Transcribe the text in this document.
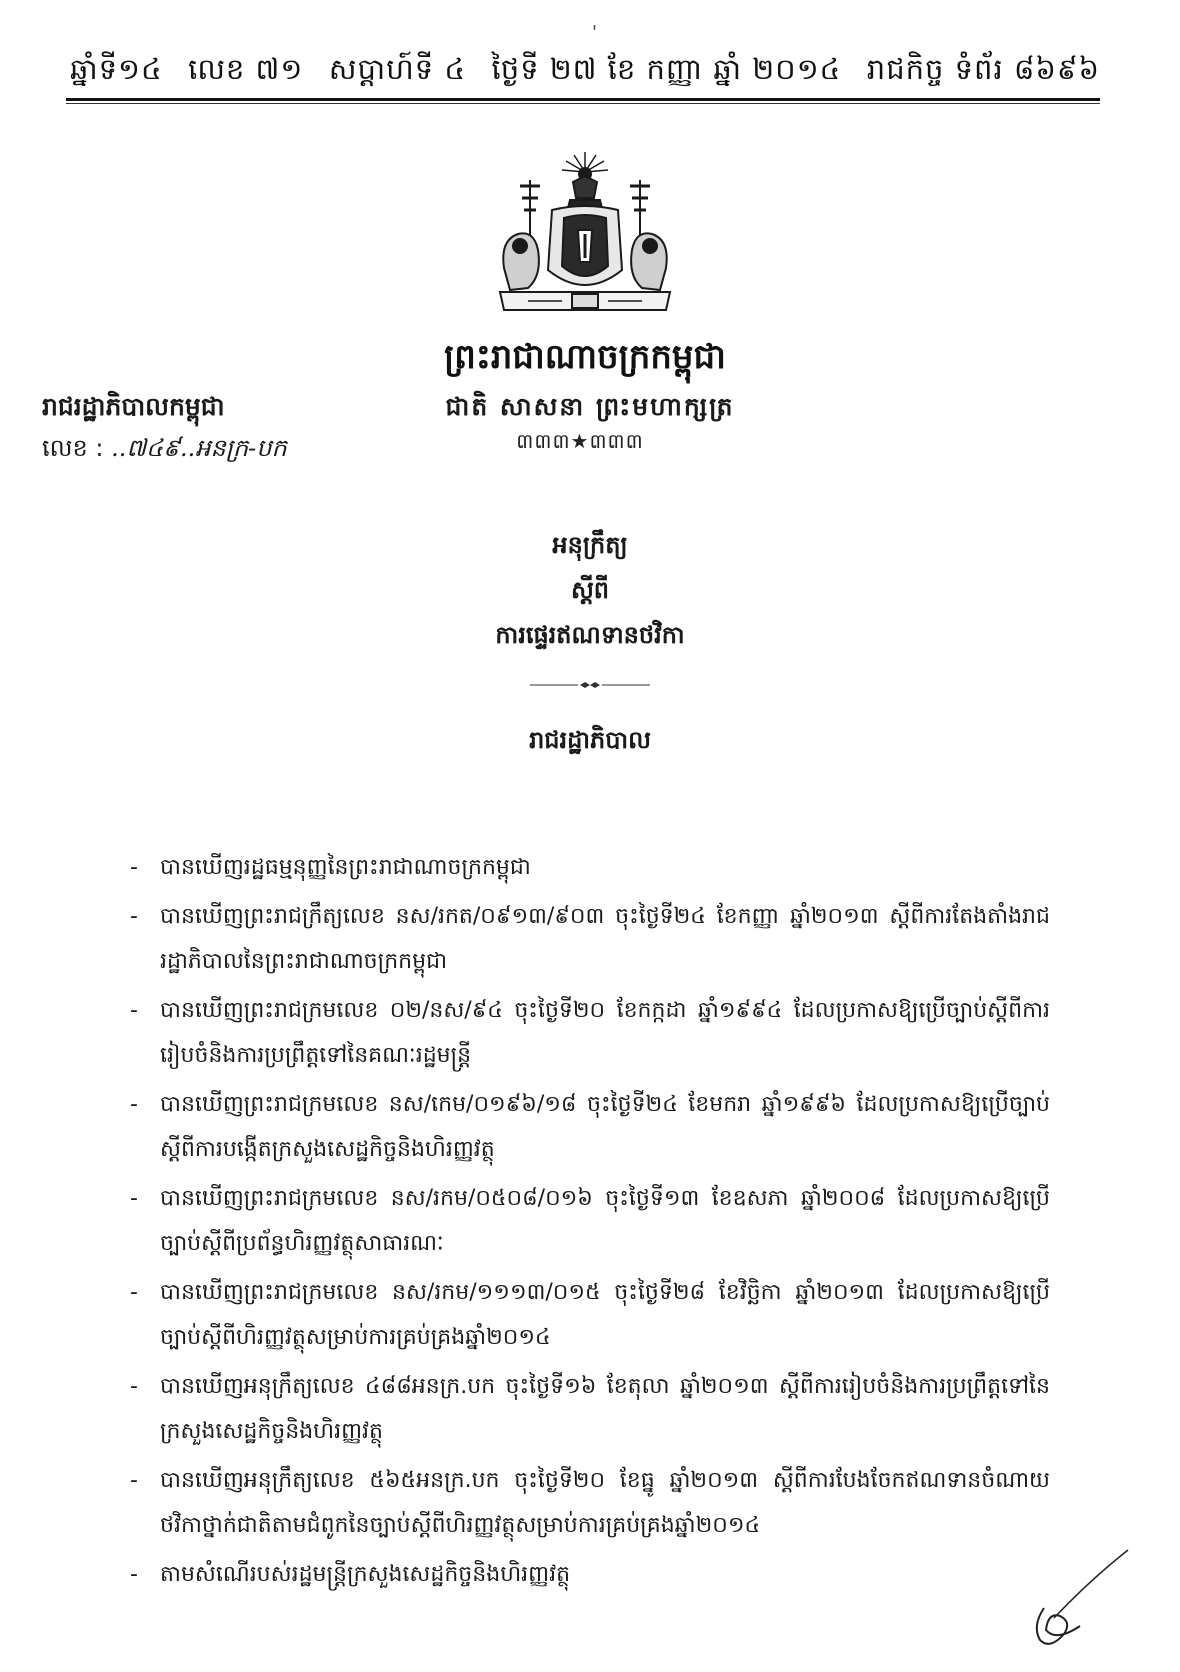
'
ឆ្នាំទី១៤ លេខ ៧១ សប្តាហ៍ទី ៤ ថ្ងៃទី ២៧ ខែ កញ្ញា ឆ្នាំ ២០១៤ រាជកិច្ច ទំព័រ ៨៦៩៦
ព្រះរាជាណាចក្រកម្ពុជា
ជាតិ សាសនា ព្រះមហាក្សត្រ
៣៣៣★៣៣៣
រាជរដ្ឋាភិបាលកម្ពុជា
លេខ : ..៧៤៩..អនក្រ-បក
អនុក្រឹត្យ
ស្តីពី
ការផ្ទេរឥណទានថវិកា
រាជរដ្ឋាភិបាល
-	បានឃើញរដ្ឋធម្មនុញ្ញនៃព្រះរាជាណាចក្រកម្ពុជា
-	បានឃើញព្រះរាជក្រឹត្យលេខ នស/រកត/០៩១៣/៩០៣ ចុះថ្ងៃទី២៤ ខែកញ្ញា ឆ្នាំ២០១៣ ស្តីពីការតែងតាំងរាជរដ្ឋាភិបាលនៃព្រះរាជាណាចក្រកម្ពុជា
-	បានឃើញព្រះរាជក្រមលេខ ០២/នស/៩៤ ចុះថ្ងៃទី២០ ខែកក្កដា ឆ្នាំ១៩៩៤ ដែលប្រកាសឱ្យប្រើច្បាប់ស្តីពីការរៀបចំនិងការប្រព្រឹត្តទៅនៃគណៈរដ្ឋមន្ត្រី
-	បានឃើញព្រះរាជក្រមលេខ នស/កេម/០១៩៦/១៨ ចុះថ្ងៃទី២៤ ខែមករា ឆ្នាំ១៩៩៦ ដែលប្រកាសឱ្យប្រើច្បាប់ស្តីពីការបង្កើតក្រសួងសេដ្ឋកិច្ចនិងហិរញ្ញវត្ថុ
-	បានឃើញព្រះរាជក្រមលេខ នស/រកម/០៥០៨/០១៦ ចុះថ្ងៃទី១៣ ខែឧសភា ឆ្នាំ២០០៨ ដែលប្រកាសឱ្យប្រើច្បាប់ស្តីពីប្រព័ន្ធហិរញ្ញវត្ថុសាធារណៈ
-	បានឃើញព្រះរាជក្រមលេខ នស/រកម/១១១៣/០១៥ ចុះថ្ងៃទី២៨ ខែវិច្ឆិកា ឆ្នាំ២០១៣ ដែលប្រកាសឱ្យប្រើច្បាប់ស្តីពីហិរញ្ញវត្ថុសម្រាប់ការគ្រប់គ្រងឆ្នាំ២០១៤
-	បានឃើញអនុក្រឹត្យលេខ ៤៨៨អនក្រ.បក ចុះថ្ងៃទី១៦ ខែតុលា ឆ្នាំ២០១៣ ស្តីពីការរៀបចំនិងការប្រព្រឹត្តទៅនៃក្រសួងសេដ្ឋកិច្ចនិងហិរញ្ញវត្ថុ
-	បានឃើញអនុក្រឹត្យលេខ ៥៦៥អនក្រ.បក ចុះថ្ងៃទី២០ ខែធ្នូ ឆ្នាំ២០១៣ ស្តីពីការបែងចែកឥណទានចំណាយថវិកាថ្នាក់ជាតិតាមជំពូកនៃច្បាប់ស្តីពីហិរញ្ញវត្ថុសម្រាប់ការគ្រប់គ្រងឆ្នាំ២០១៤
-	តាមសំណើរបស់រដ្ឋមន្ត្រីក្រសួងសេដ្ឋកិច្ចនិងហិរញ្ញវត្ថុ
